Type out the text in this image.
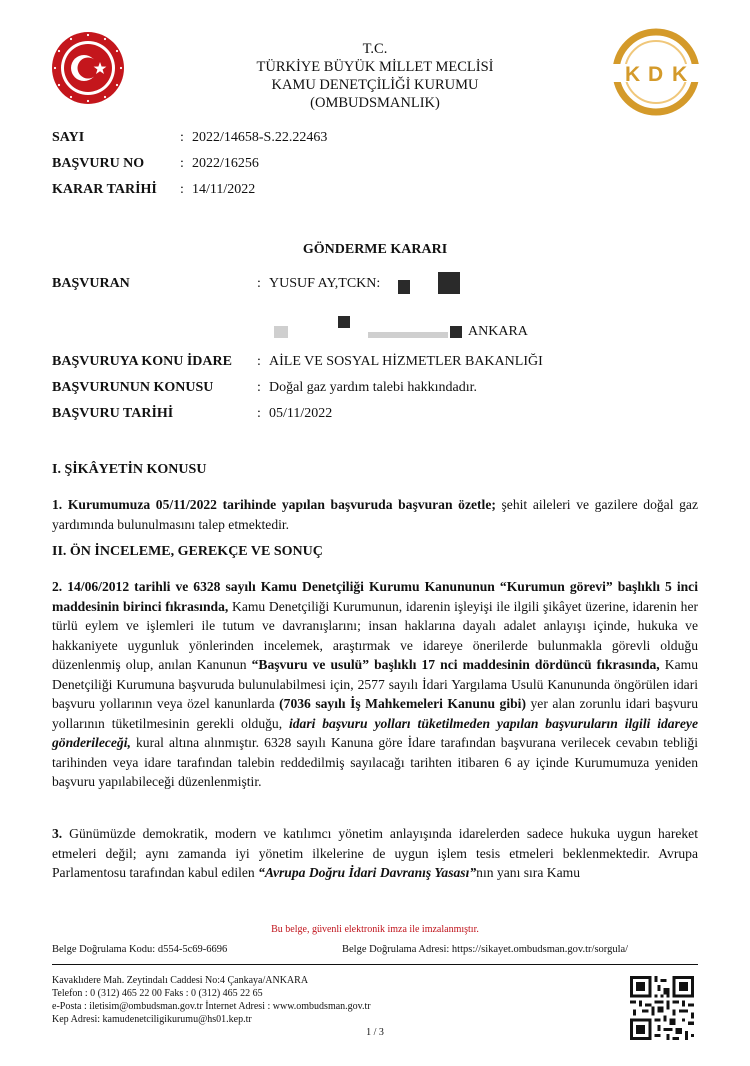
K D K
T.C.
TÜRKİYE BÜYÜK MİLLET MECLİSİ
KAMU DENETÇİLİĞİ KURUMU
(OMBUDSMANLIK)
SAYI	: 2022/14658-S.22.22463
BAŞVURU NO	: 2022/16256
KARAR TARİHİ : 14/11/2022
GÖNDERME KARARI
BAŞVURAN	: YUSUF AY,TCKN:
ANKARA
BAŞVURUYA KONU İDARE : AİLE VE SOSYAL HİZMETLER BAKANLIĞI
BAŞVURUNUN KONUSU	: Doğal gaz yardım talebi hakkındadır.
BAŞVURU TARİHİ	: 05/11/2022
I. ŞİKÂYETİN KONUSU
1. Kurumumuza 05/11/2022 tarihinde yapılan başvuruda başvuran özetle; şehit aileleri ve gazilere doğal gaz yardımında bulunulmasını talep etmektedir.
II. ÖN İNCELEME, GEREKÇE VE SONUÇ
2. 14/06/2012 tarihli ve 6328 sayılı Kamu Denetçiliği Kurumu Kanununun “Kurumun görevi” başlıklı 5 inci maddesinin birinci fıkrasında, Kamu Denetçiliği Kurumunun, idarenin işleyişi ile ilgili şikâyet üzerine, idarenin her türlü eylem ve işlemleri ile tutum ve davranışlarını; insan haklarına dayalı adalet anlayışı içinde, hukuka ve hakkaniyete uygunluk yönlerinden incelemek, araştırmak ve idareye önerilerde bulunmakla görevli olduğu düzenlenmiş olup, anılan Kanunun “Başvuru ve usulü” başlıklı 17 nci maddesinin dördüncü fıkrasında, Kamu Denetçiliği Kurumuna başvuruda bulunulabilmesi için, 2577 sayılı İdari Yargılama Usulü Kanununda öngörülen idari başvuru yollarının veya özel kanunlarda (7036 sayılı İş Mahkemeleri Kanunu gibi) yer alan zorunlu idari başvuru yollarının tüketilmesinin gerekli olduğu, idari başvuru yolları tüketilmeden yapılan başvuruların ilgili idareye gönderileceği, kural altına alınmıştır. 6328 sayılı Kanuna göre İdare tarafından başvurana verilecek cevabın tebliği tarihinden veya idare tarafından talebin reddedilmiş sayılacağı tarihten itibaren 6 ay içinde Kurumumuza yeniden başvuru yapılabileceği düzenlenmiştir.
3. Günümüzde demokratik, modern ve katılımcı yönetim anlayışında idarelerden sadece hukuka uygun hareket etmeleri değil; aynı zamanda iyi yönetim ilkelerine de uygun işlem tesis etmeleri beklenmektedir. Avrupa Parlamentosu tarafından kabul edilen “Avrupa Doğru İdari Davranış Yasası”nın yanı sıra Kamu
Bu belge, güvenli elektronik imza ile imzalanmıştır.
Belge Doğrulama Kodu: d554-5c69-6696	Belge Doğrulama Adresi: https://sikayet.ombudsman.gov.tr/sorgula/
Kavaklıdere Mah. Zeytindalı Caddesi No:4 Çankaya/ANKARA
Telefon : 0 (312) 465 22 00 Faks : 0 (312) 465 22 65
e-Posta : iletisim@ombudsman.gov.tr İnternet Adresi : www.ombudsman.gov.tr
Kep Adresi: kamudenetciligikurumu@hs01.kep.tr
1 / 3
